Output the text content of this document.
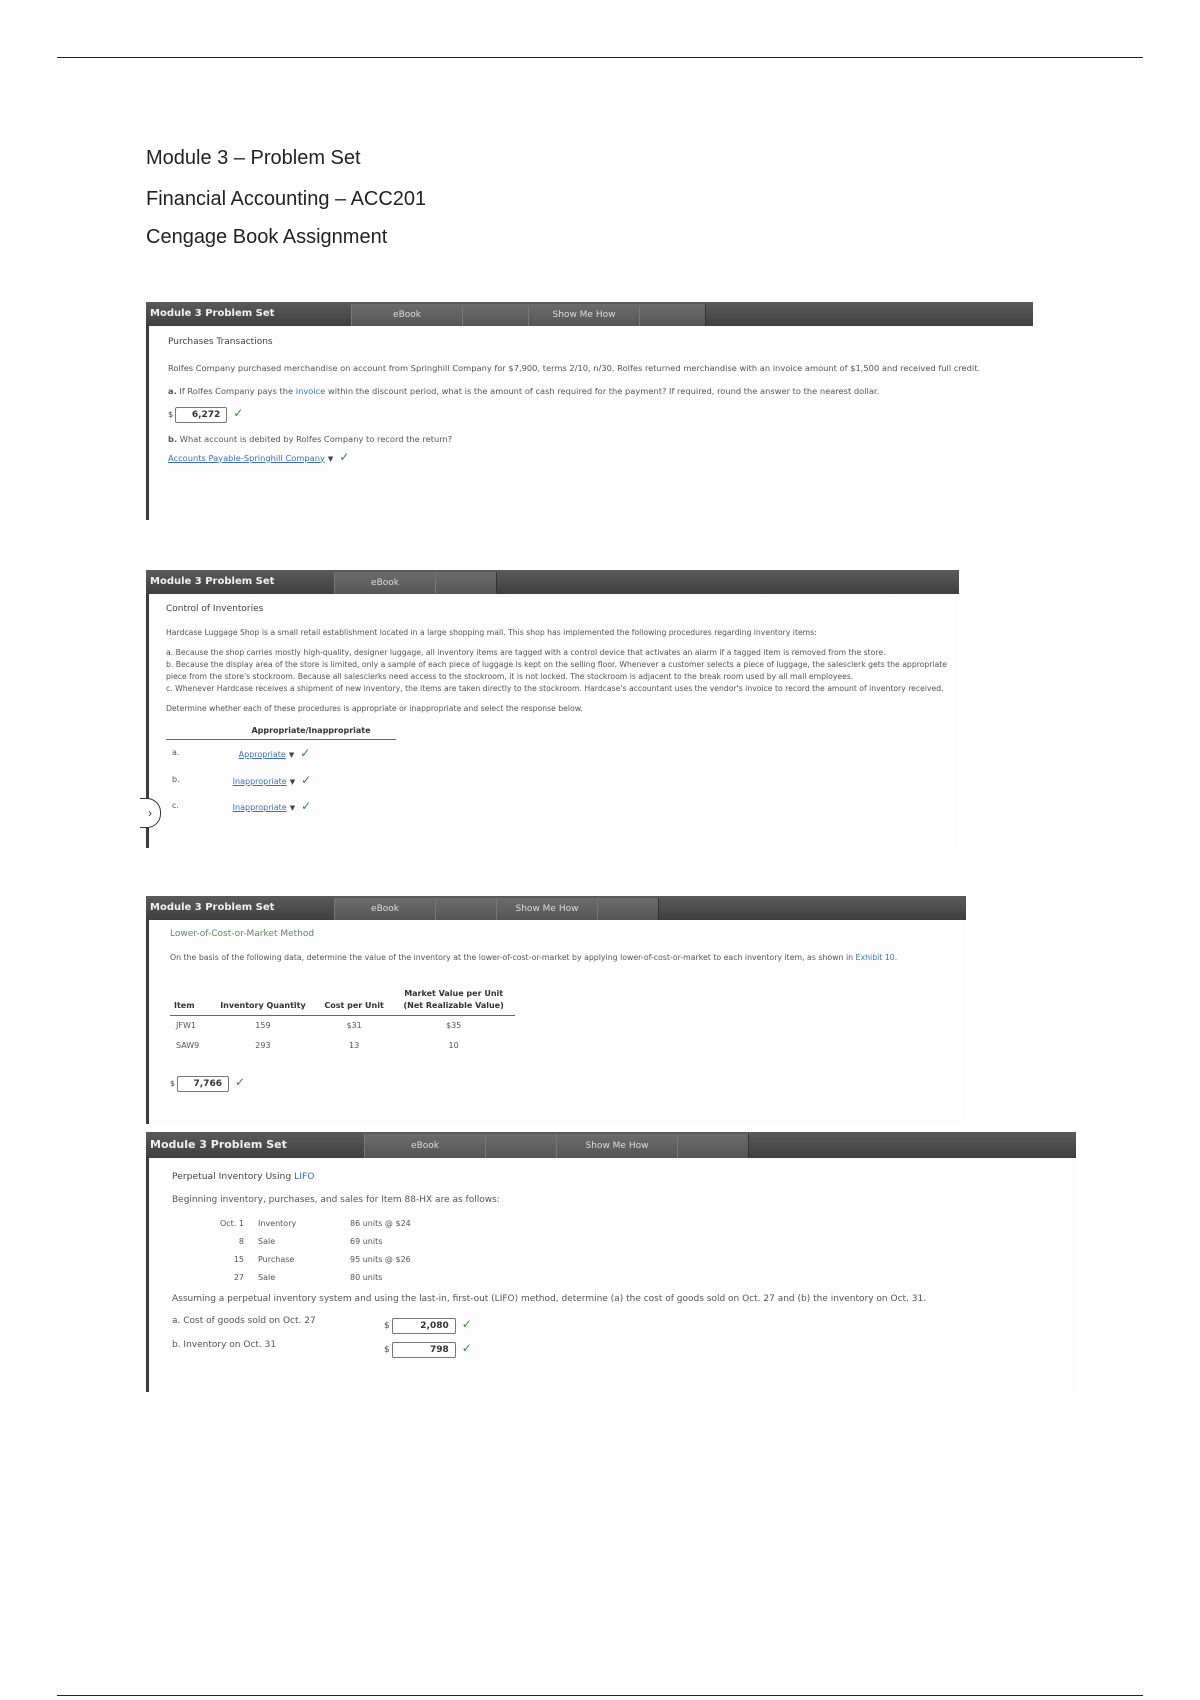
Module 3 – Problem Set
Financial Accounting – ACC201
Cengage Book Assignment
Module 3 Problem Set	eBook	Show Me How
Purchases Transactions
Rolfes Company purchased merchandise on account from Springhill Company for $7,900, terms 2/10, n/30. Rolfes returned merchandise with an invoice amount of $1,500 and received full credit.
a. If Rolfes Company pays the invoice within the discount period, what is the amount of cash required for the payment? If required, round the answer to the nearest dollar.
$ 6,272 ✓
b. What account is debited by Rolfes Company to record the return?
Accounts Payable-Springhill Company ▼ ✓
Module 3 Problem Set	eBook
Control of Inventories
Hardcase Luggage Shop is a small retail establishment located in a large shopping mall. This shop has implemented the following procedures regarding inventory items:
a. Because the shop carries mostly high-quality, designer luggage, all inventory items are tagged with a control device that activates an alarm if a tagged item is removed from the store.
b. Because the display area of the store is limited, only a sample of each piece of luggage is kept on the selling floor. Whenever a customer selects a piece of luggage, the salesclerk gets the appropriate piece from the store's stockroom. Because all salesclerks need access to the stockroom, it is not locked. The stockroom is adjacent to the break room used by all mall employees.
c. Whenever Hardcase receives a shipment of new inventory, the items are taken directly to the stockroom. Hardcase's accountant uses the vendor's invoice to record the amount of inventory received.
Determine whether each of these procedures is appropriate or inappropriate and select the response below.
Appropriate/Inappropriate	
a.	Appropriate ▼ ✓
b.	Inappropriate ▼ ✓
c.	Inappropriate ▼ ✓
›
Module 3 Problem Set	eBook	Show Me How
Lower-of-Cost-or-Market Method
On the basis of the following data, determine the value of the inventory at the lower-of-cost-or-market by applying lower-of-cost-or-market to each inventory item, as shown in Exhibit 10.
Item	Inventory Quantity	Cost per Unit	Market Value per Unit
(Net Realizable Value)

JFW1	159	$31	$35
SAW9	293	13	10
$ 7,766 ✓
Module 3 Problem Set	eBook	Show Me How
Perpetual Inventory Using LIFO
Beginning inventory, purchases, and sales for Item 88-HX are as follows:
Oct. 1	Inventory	86 units @ $24
8	Sale	69 units
15	Purchase	95 units @ $26
27	Sale	80 units
Assuming a perpetual inventory system and using the last-in, first-out (LIFO) method, determine (a) the cost of goods sold on Oct. 27 and (b) the inventory on Oct. 31.
a. Cost of goods sold on Oct. 27	$	2,080 ✓
b. Inventory on Oct. 31	$	798 ✓
